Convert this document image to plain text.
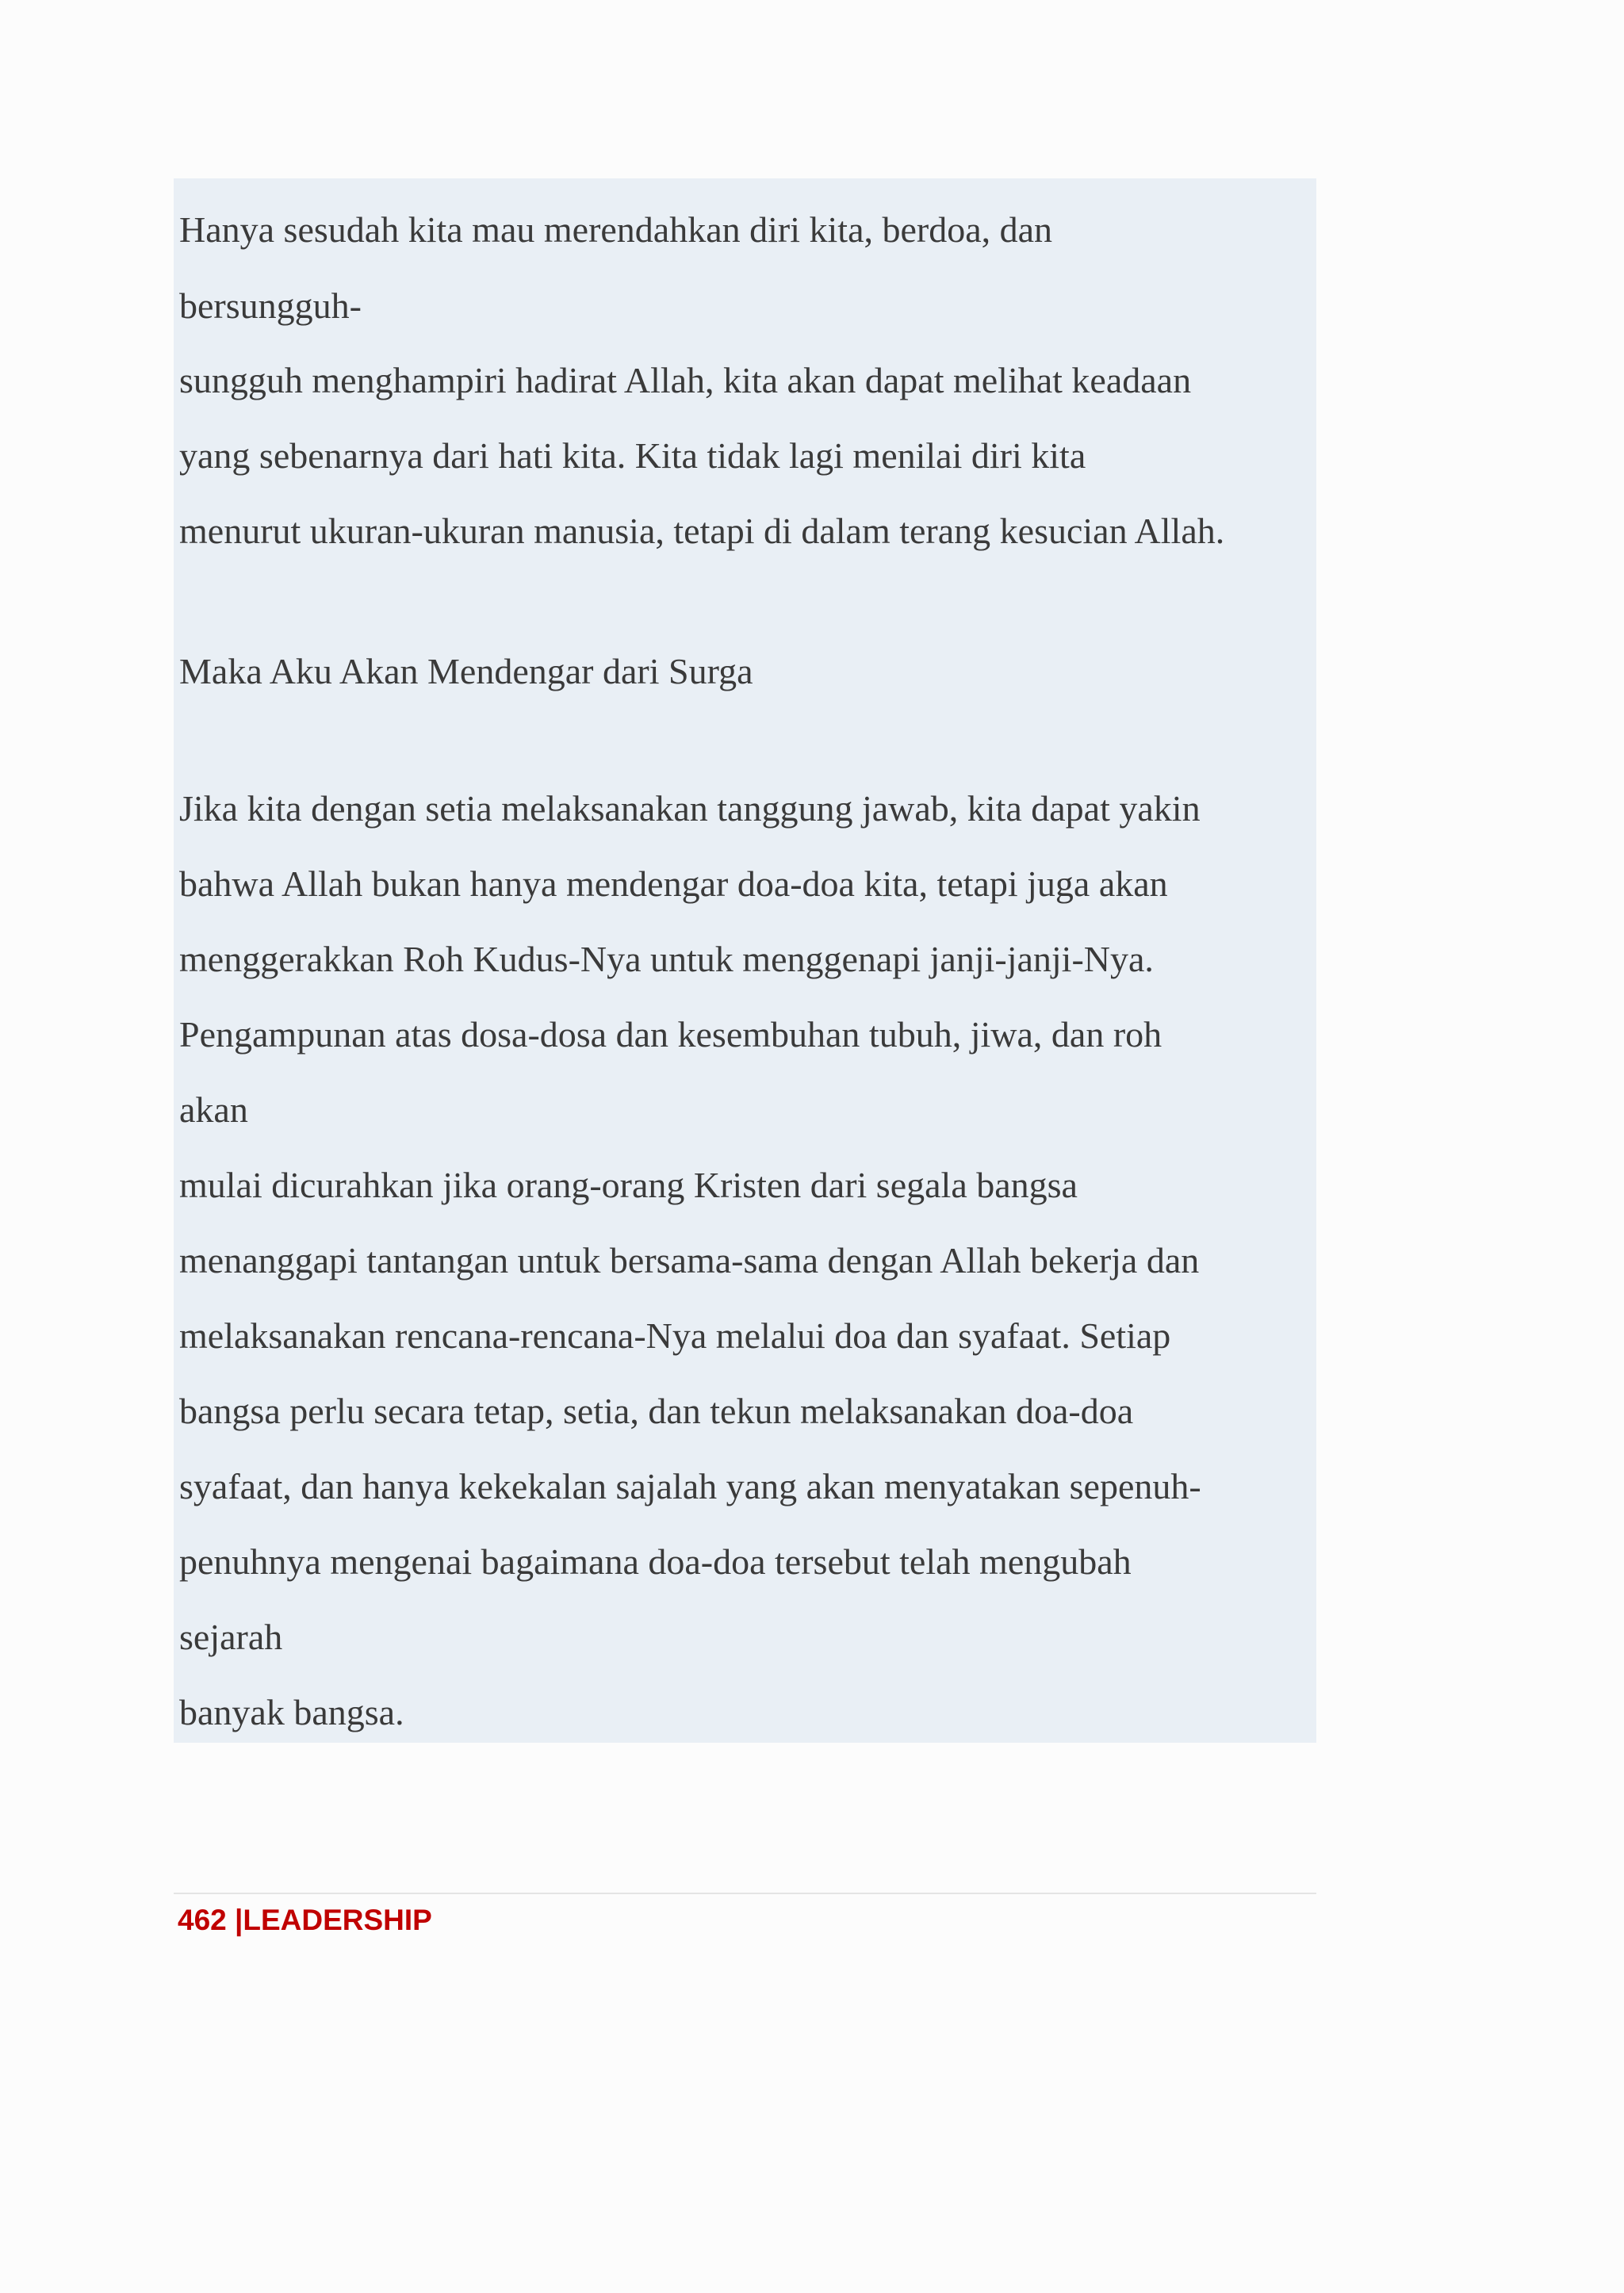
Hanya sesudah kita mau merendahkan diri kita, berdoa, dan

bersungguh-

sungguh menghampiri hadirat Allah, kita akan dapat melihat keadaan

yang sebenarnya dari hati kita. Kita tidak lagi menilai diri kita

menurut ukuran-ukuran manusia, tetapi di dalam terang kesucian Allah.

Maka Aku Akan Mendengar dari Surga

Jika kita dengan setia melaksanakan tanggung jawab, kita dapat yakin

bahwa Allah bukan hanya mendengar doa-doa kita, tetapi juga akan

menggerakkan Roh Kudus-Nya untuk menggenapi janji-janji-Nya.

Pengampunan atas dosa-dosa dan kesembuhan tubuh, jiwa, dan roh

akan

mulai dicurahkan jika orang-orang Kristen dari segala bangsa

menanggapi tantangan untuk bersama-sama dengan Allah bekerja dan

melaksanakan rencana-rencana-Nya melalui doa dan syafaat. Setiap

bangsa perlu secara tetap, setia, dan tekun melaksanakan doa-doa

syafaat, dan hanya kekekalan sajalah yang akan menyatakan sepenuh-

penuhnya mengenai bagaimana doa-doa tersebut telah mengubah

sejarah

banyak bangsa.

462 |LEADERSHIP
